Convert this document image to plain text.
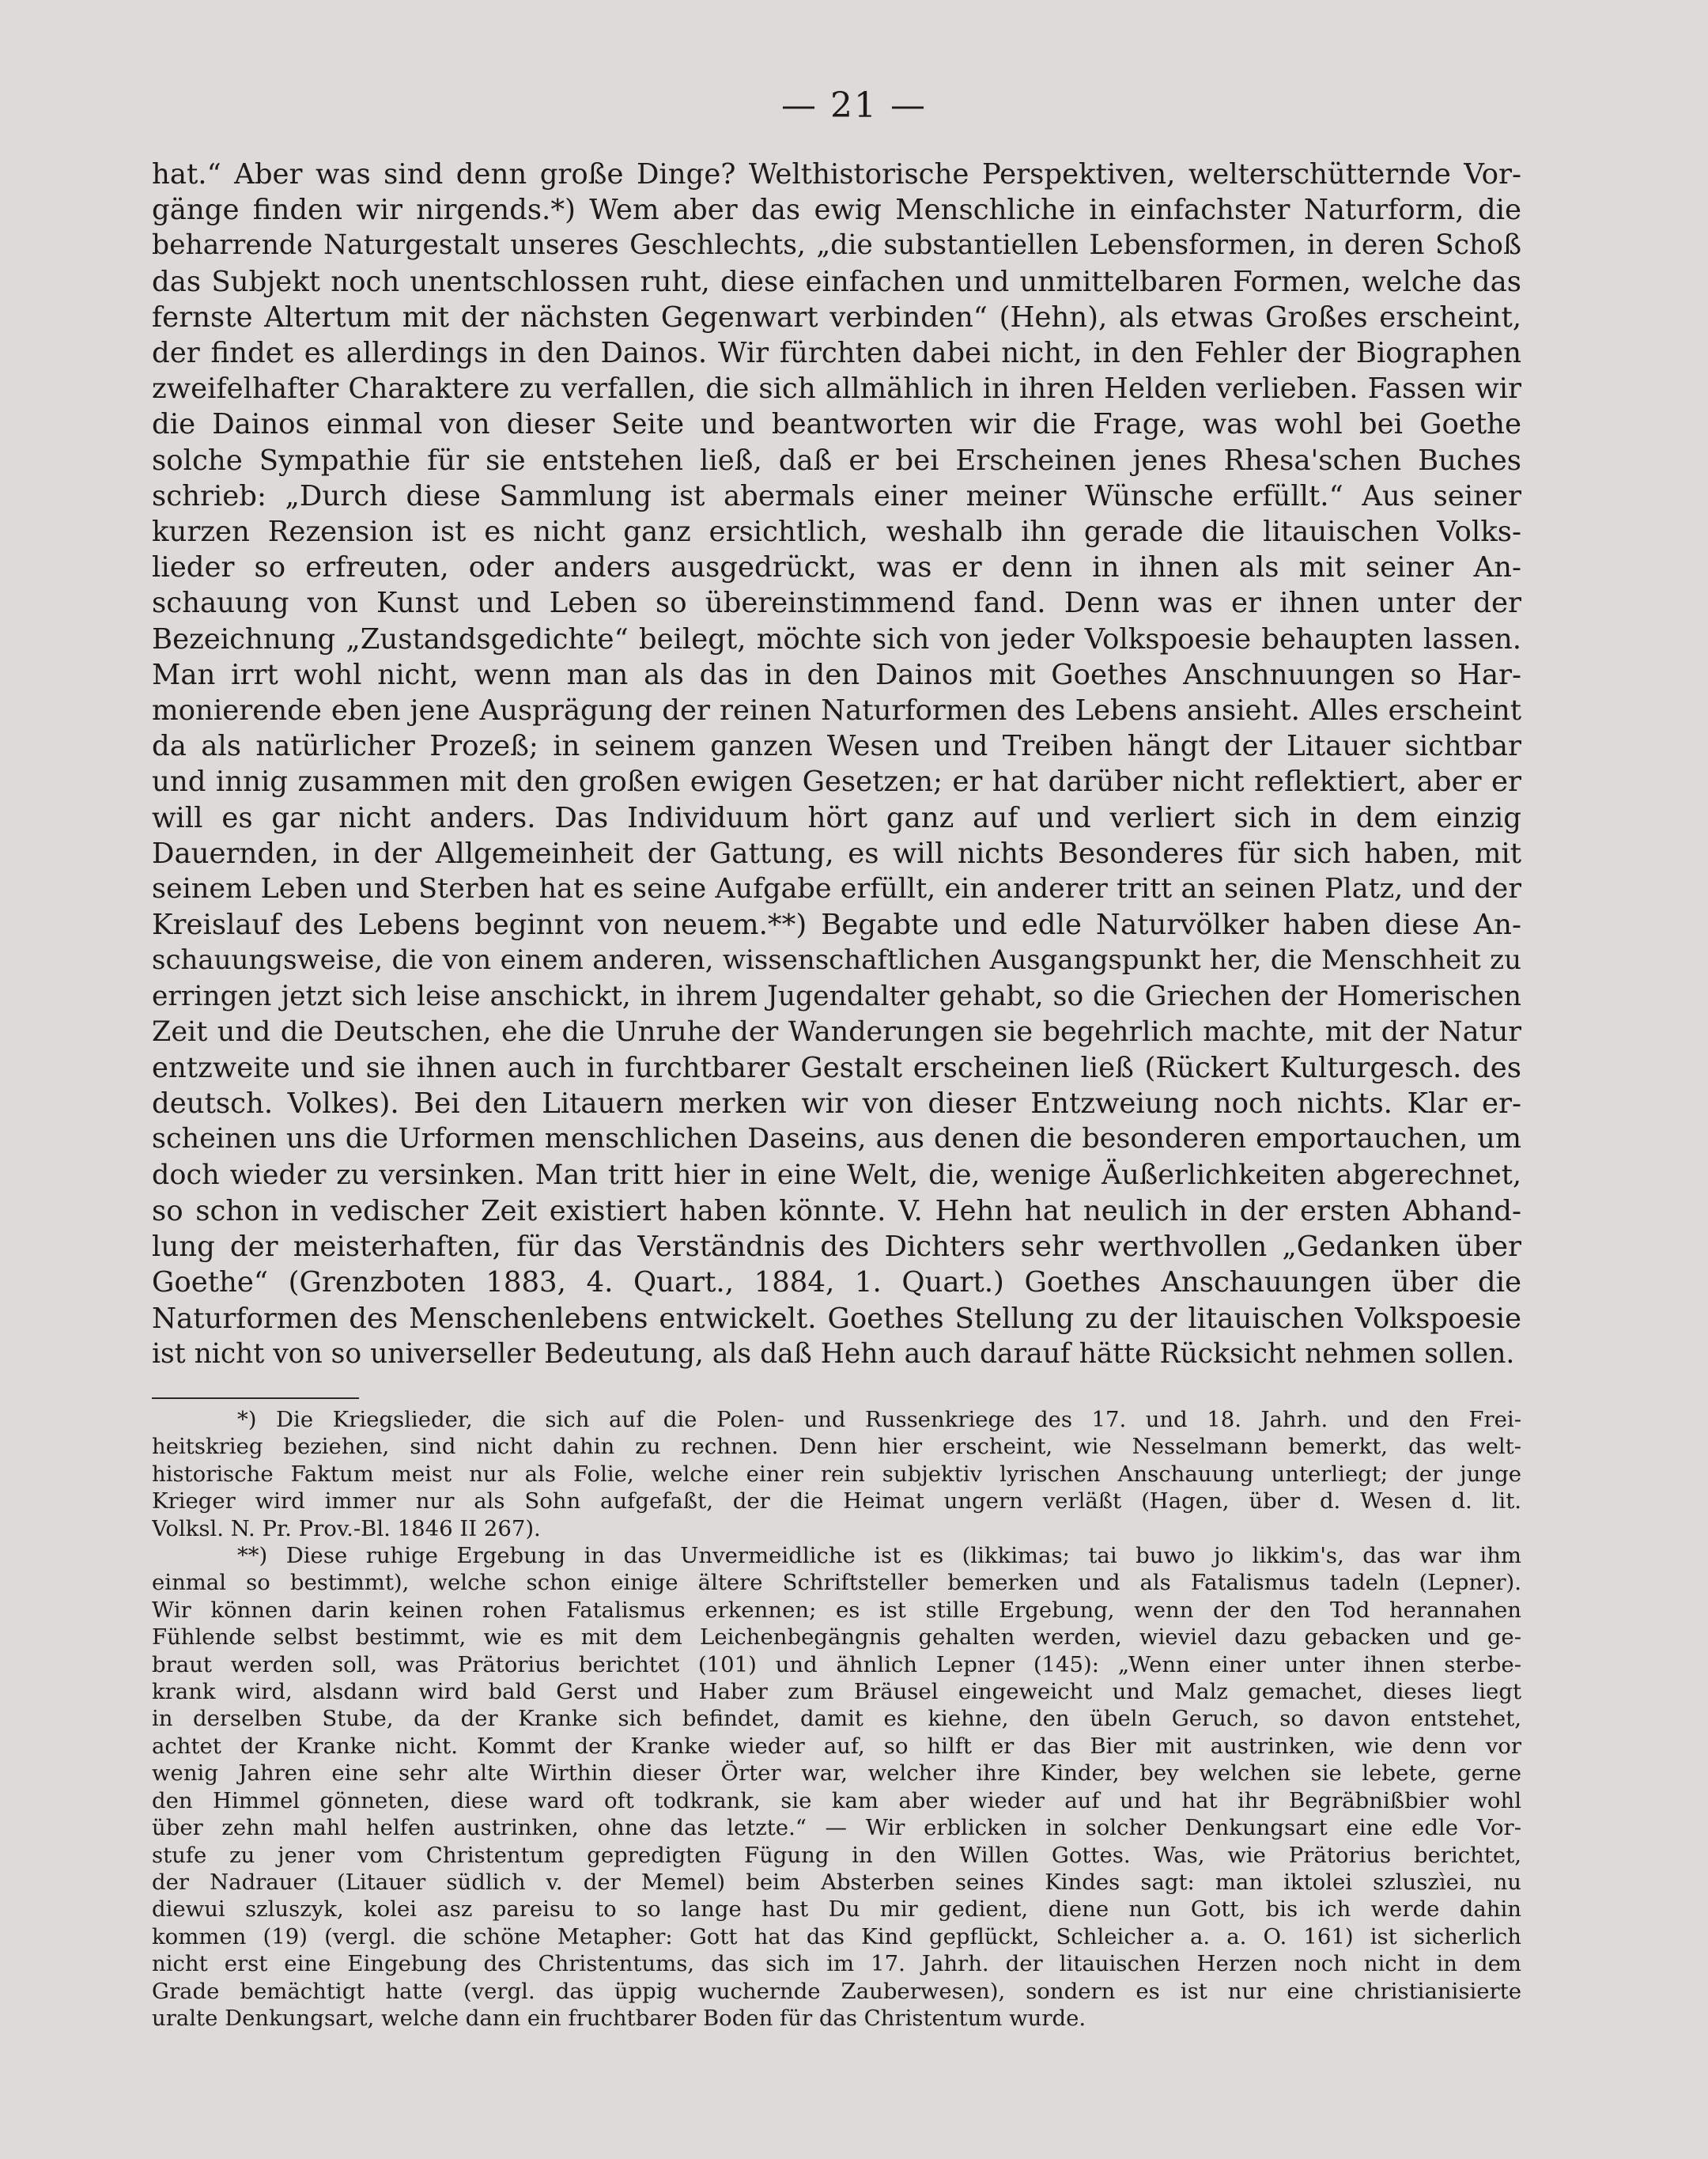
— 21 —
hat.“ Aber was sind denn große Dinge? Welthistorische Perspektiven, welterschütternde Vor-
gänge finden wir nirgends.*) Wem aber das ewig Menschliche in einfachster Naturform, die
beharrende Naturgestalt unseres Geschlechts, „die substantiellen Lebensformen, in deren Schoß
das Subjekt noch unentschlossen ruht, diese einfachen und unmittelbaren Formen, welche das
fernste Altertum mit der nächsten Gegenwart verbinden“ (Hehn), als etwas Großes erscheint,
der findet es allerdings in den Dainos. Wir fürchten dabei nicht, in den Fehler der Biographen
zweifelhafter Charaktere zu verfallen, die sich allmählich in ihren Helden verlieben. Fassen wir
die Dainos einmal von dieser Seite und beantworten wir die Frage, was wohl bei Goethe
solche Sympathie für sie entstehen ließ, daß er bei Erscheinen jenes Rhesa'schen Buches
schrieb: „Durch diese Sammlung ist abermals einer meiner Wünsche erfüllt.“ Aus seiner
kurzen Rezension ist es nicht ganz ersichtlich, weshalb ihn gerade die litauischen Volks-
lieder so erfreuten, oder anders ausgedrückt, was er denn in ihnen als mit seiner An-
schauung von Kunst und Leben so übereinstimmend fand. Denn was er ihnen unter der
Bezeichnung „Zustandsgedichte“ beilegt, möchte sich von jeder Volkspoesie behaupten lassen.
Man irrt wohl nicht, wenn man als das in den Dainos mit Goethes Anschnuungen so Har-
monierende eben jene Ausprägung der reinen Naturformen des Lebens ansieht. Alles erscheint
da als natürlicher Prozeß; in seinem ganzen Wesen und Treiben hängt der Litauer sichtbar
und innig zusammen mit den großen ewigen Gesetzen; er hat darüber nicht reflektiert, aber er
will es gar nicht anders. Das Individuum hört ganz auf und verliert sich in dem einzig
Dauernden, in der Allgemeinheit der Gattung, es will nichts Besonderes für sich haben, mit
seinem Leben und Sterben hat es seine Aufgabe erfüllt, ein anderer tritt an seinen Platz, und der
Kreislauf des Lebens beginnt von neuem.**) Begabte und edle Naturvölker haben diese An-
schauungsweise, die von einem anderen, wissenschaftlichen Ausgangspunkt her, die Menschheit zu
erringen jetzt sich leise anschickt, in ihrem Jugendalter gehabt, so die Griechen der Homerischen
Zeit und die Deutschen, ehe die Unruhe der Wanderungen sie begehrlich machte, mit der Natur
entzweite und sie ihnen auch in furchtbarer Gestalt erscheinen ließ (Rückert Kulturgesch. des
deutsch. Volkes). Bei den Litauern merken wir von dieser Entzweiung noch nichts. Klar er-
scheinen uns die Urformen menschlichen Daseins, aus denen die besonderen emportauchen, um
doch wieder zu versinken. Man tritt hier in eine Welt, die, wenige Äußerlichkeiten abgerechnet,
so schon in vedischer Zeit existiert haben könnte. V. Hehn hat neulich in der ersten Abhand-
lung der meisterhaften, für das Verständnis des Dichters sehr werthvollen „Gedanken über
Goethe“ (Grenzboten 1883, 4. Quart., 1884, 1. Quart.) Goethes Anschauungen über die
Naturformen des Menschenlebens entwickelt. Goethes Stellung zu der litauischen Volkspoesie
ist nicht von so universeller Bedeutung, als daß Hehn auch darauf hätte Rücksicht nehmen sollen.
*) Die Kriegslieder, die sich auf die Polen- und Russenkriege des 17. und 18. Jahrh. und den Frei-
heitskrieg beziehen, sind nicht dahin zu rechnen. Denn hier erscheint, wie Nesselmann bemerkt, das welt-
historische Faktum meist nur als Folie, welche einer rein subjektiv lyrischen Anschauung unterliegt; der junge
Krieger wird immer nur als Sohn aufgefaßt, der die Heimat ungern verläßt (Hagen, über d. Wesen d. lit.
Volksl. N. Pr. Prov.-Bl. 1846 II 267).
**) Diese ruhige Ergebung in das Unvermeidliche ist es (likkimas; tai buwo jo likkim's, das war ihm
einmal so bestimmt), welche schon einige ältere Schriftsteller bemerken und als Fatalismus tadeln (Lepner).
Wir können darin keinen rohen Fatalismus erkennen; es ist stille Ergebung, wenn der den Tod herannahen
Fühlende selbst bestimmt, wie es mit dem Leichenbegängnis gehalten werden, wieviel dazu gebacken und ge-
braut werden soll, was Prätorius berichtet (101) und ähnlich Lepner (145): „Wenn einer unter ihnen sterbe-
krank wird, alsdann wird bald Gerst und Haber zum Bräusel eingeweicht und Malz gemachet, dieses liegt
in derselben Stube, da der Kranke sich befindet, damit es kiehne, den übeln Geruch, so davon entstehet,
achtet der Kranke nicht. Kommt der Kranke wieder auf, so hilft er das Bier mit austrinken, wie denn vor
wenig Jahren eine sehr alte Wirthin dieser Örter war, welcher ihre Kinder, bey welchen sie lebete, gerne
den Himmel gönneten, diese ward oft todkrank, sie kam aber wieder auf und hat ihr Begräbnißbier wohl
über zehn mahl helfen austrinken, ohne das letzte.“ — Wir erblicken in solcher Denkungsart eine edle Vor-
stufe zu jener vom Christentum gepredigten Fügung in den Willen Gottes. Was, wie Prätorius berichtet,
der Nadrauer (Litauer südlich v. der Memel) beim Absterben seines Kindes sagt: man iktolei szluszìei, nu
diewui szluszyk, kolei asz pareisu to so lange hast Du mir gedient, diene nun Gott, bis ich werde dahin
kommen (19) (vergl. die schöne Metapher: Gott hat das Kind gepflückt, Schleicher a. a. O. 161) ist sicherlich
nicht erst eine Eingebung des Christentums, das sich im 17. Jahrh. der litauischen Herzen noch nicht in dem
Grade bemächtigt hatte (vergl. das üppig wuchernde Zauberwesen), sondern es ist nur eine christianisierte
uralte Denkungsart, welche dann ein fruchtbarer Boden für das Christentum wurde.
